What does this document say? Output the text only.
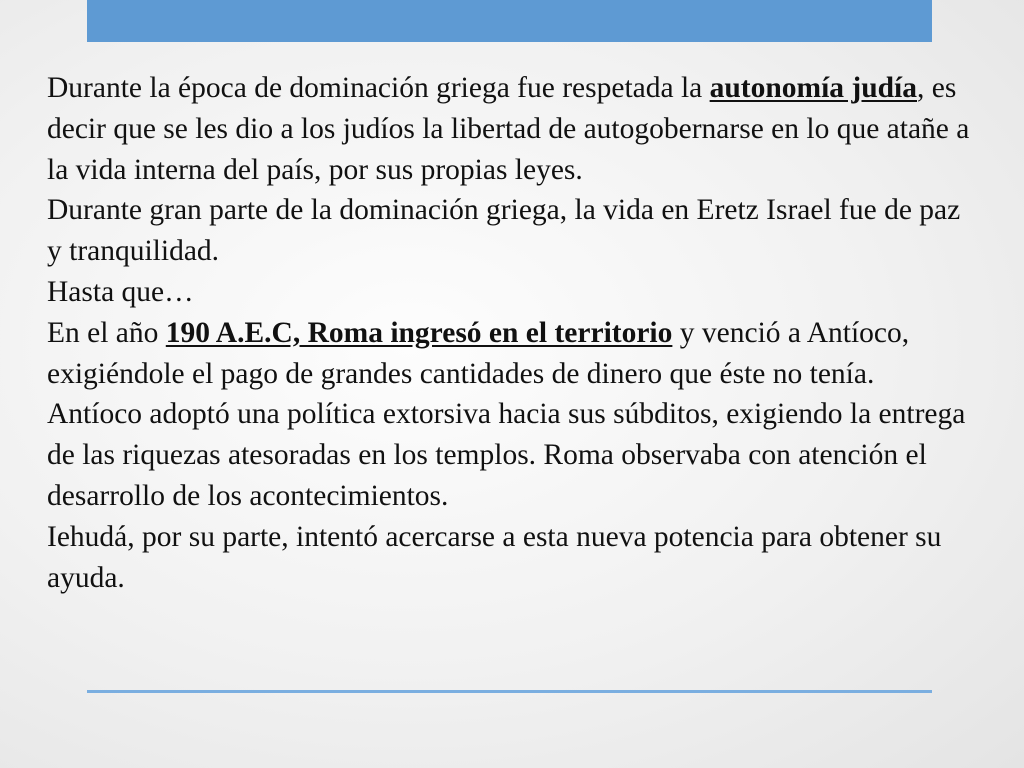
Durante la época de dominación griega fue respetada la autonomía judía, es decir que se les dio a los judíos la libertad de autogobernarse en lo que atañe a la vida interna del país, por sus propias leyes.

Durante gran parte de la dominación griega, la vida en Eretz Israel fue de paz y tranquilidad.

Hasta que…

En el año 190 A.E.C, Roma ingresó en el territorio y venció a Antíoco, exigiéndole el pago de grandes cantidades de dinero que éste no tenía.

Antíoco adoptó una política extorsiva hacia sus súbditos, exigiendo la entrega de las riquezas atesoradas en los templos. Roma observaba con atención el desarrollo de los acontecimientos.

Iehudá, por su parte, intentó acercarse a esta nueva potencia para obtener su ayuda.
